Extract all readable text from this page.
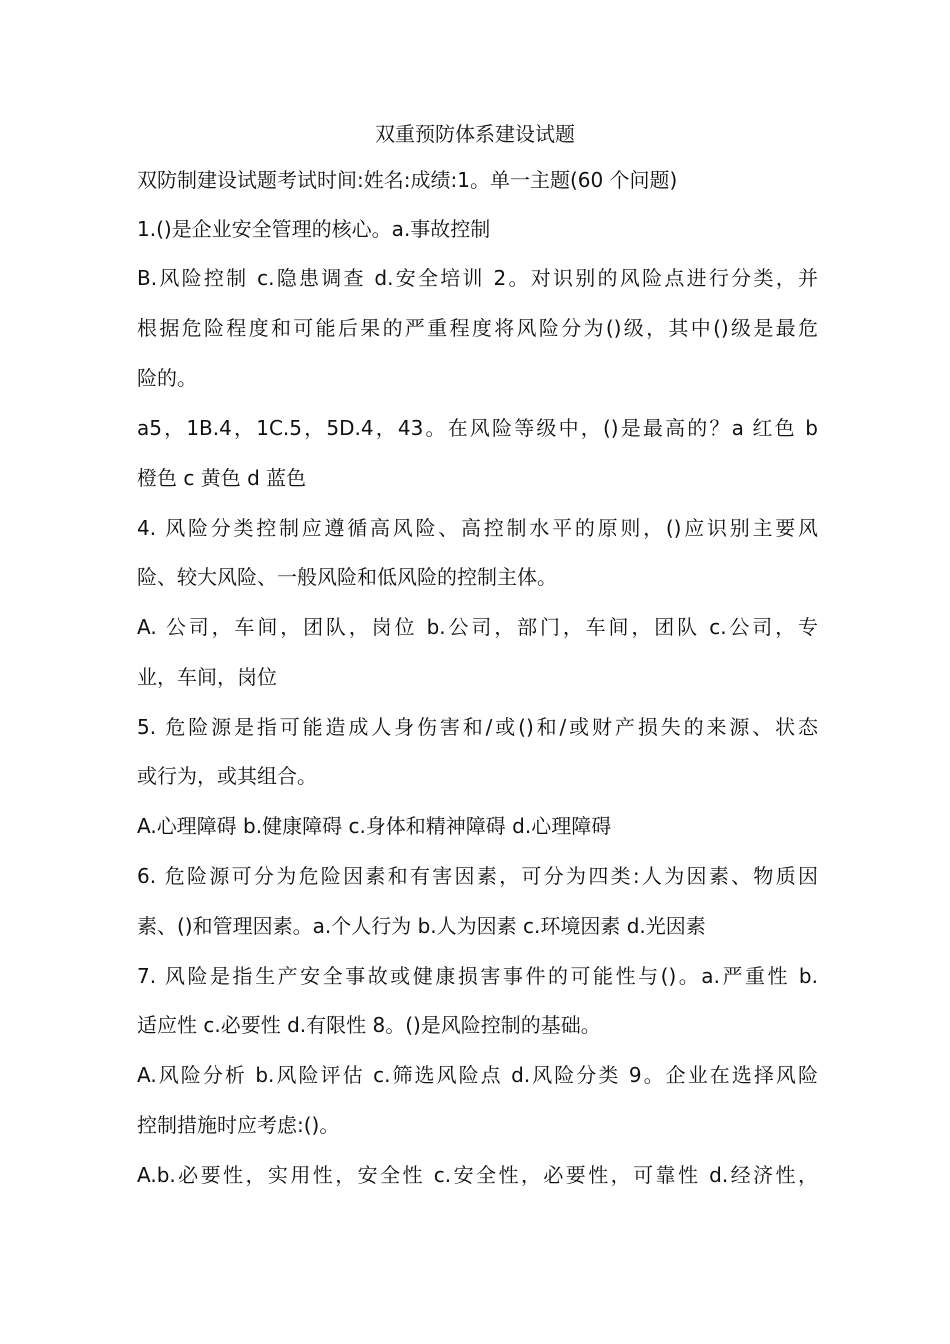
双重预防体系建设试题
双防制建设试题考试时间:姓名:成绩:1。单一主题(60 个问题)
1.()是企业安全管理的核心。a.事故控制
B.风险控制 c.隐患调查 d.安全培训 2。对识别的风险点进行分类，并
根据危险程度和可能后果的严重程度将风险分为()级，其中()级是最危
险的。
a5，1B.4，1C.5，5D.4，43。在风险等级中，()是最高的？a 红色 b
橙色 c 黄色 d 蓝色
4. 风险分类控制应遵循高风险、高控制水平的原则，()应识别主要风
险、较大风险、一般风险和低风险的控制主体。
A. 公司，车间，团队，岗位 b.公司，部门，车间，团队 c.公司，专
业，车间，岗位
5. 危险源是指可能造成人身伤害和/或()和/或财产损失的来源、状态
或行为，或其组合。
A.心理障碍 b.健康障碍 c.身体和精神障碍 d.心理障碍
6. 危险源可分为危险因素和有害因素，可分为四类:人为因素、物质因
素、()和管理因素。a.个人行为 b.人为因素 c.环境因素 d.光因素
7. 风险是指生产安全事故或健康损害事件的可能性与()。a.严重性 b.
适应性 c.必要性 d.有限性 8。()是风险控制的基础。
A.风险分析 b.风险评估 c.筛选风险点 d.风险分类 9。企业在选择风险
控制措施时应考虑:()。
A.b.必要性，实用性，安全性 c.安全性，必要性，可靠性 d.经济性，
